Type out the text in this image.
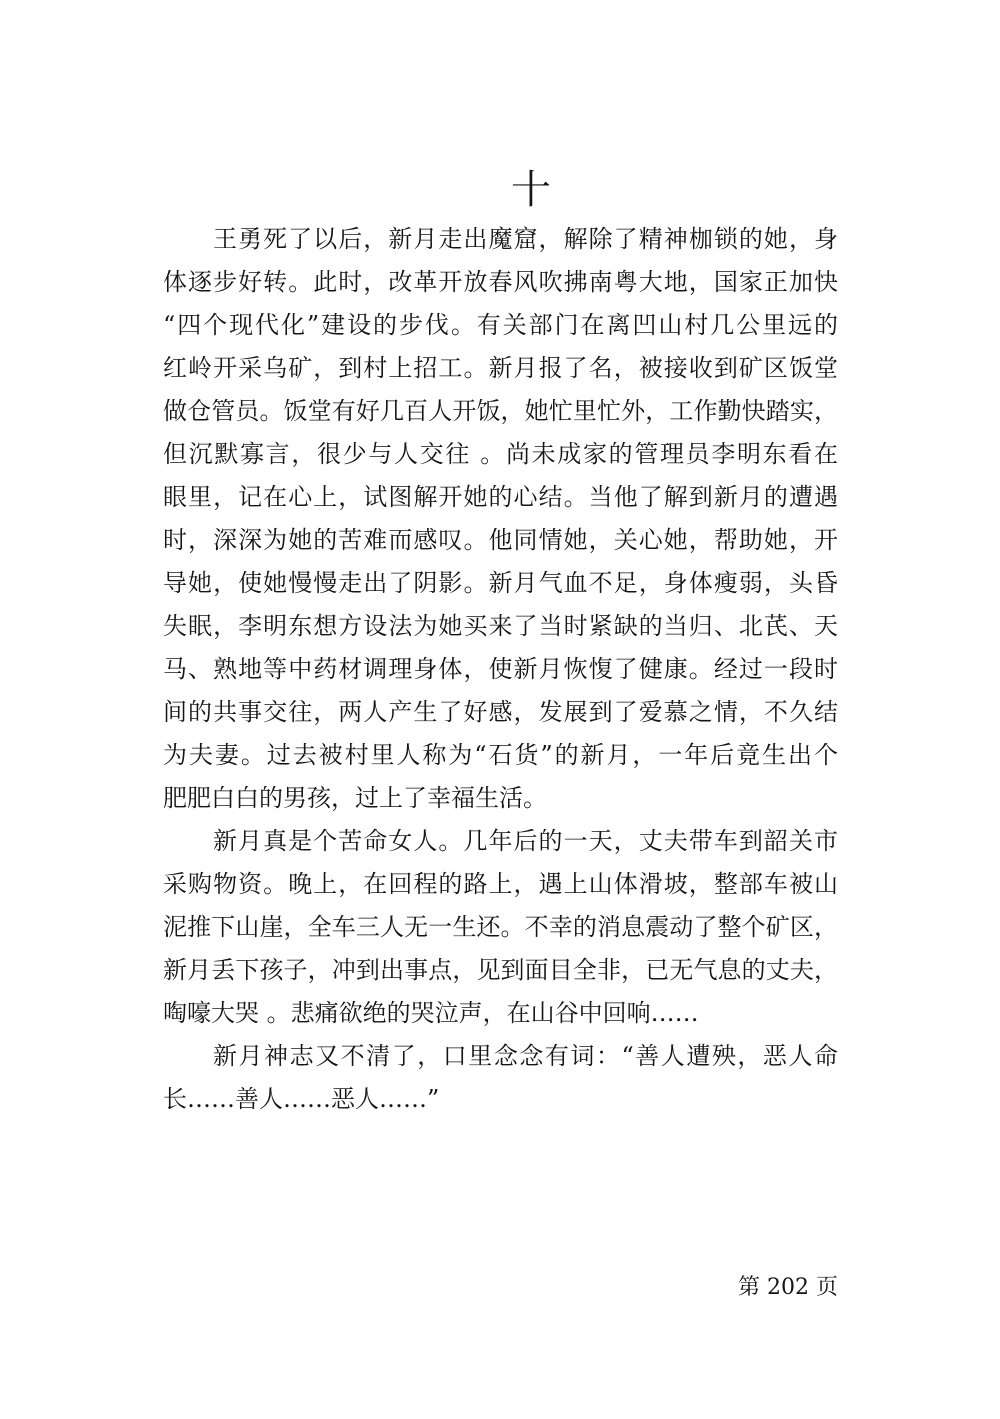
十
王勇死了以后，新月走出魔窟，解除了精神枷锁的她，身
体逐步好转。此时，改革开放春风吹拂南粤大地，国家正加快
“四个现代化”建设的步伐。有关部门在离凹山村几公里远的
红岭开采乌矿，到村上招工。新月报了名，被接收到矿区饭堂
做仓管员。饭堂有好几百人开饭，她忙里忙外，工作勤快踏实，
但沉默寡言，很少与人交往 。尚未成家的管理员李明东看在
眼里，记在心上，试图解开她的心结。当他了解到新月的遭遇
时，深深为她的苦难而感叹。他同情她，关心她，帮助她，开
导她，使她慢慢走出了阴影。新月气血不足，身体瘦弱，头昏
失眠，李明东想方设法为她买来了当时紧缺的当归、北芪、天
马、熟地等中药材调理身体，使新月恢愎了健康。经过一段时
间的共事交往，两人产生了好感，发展到了爱慕之情，不久结
为夫妻。过去被村里人称为“石货”的新月，一年后竟生出个
肥肥白白的男孩，过上了幸福生活。
新月真是个苦命女人。几年后的一天，丈夫带车到韶关市
采购物资。晚上，在回程的路上，遇上山体滑坡，整部车被山
泥推下山崖，全车三人无一生还。不幸的消息震动了整个矿区，
新月丢下孩子，冲到出事点，见到面目全非，已无气息的丈夫，
啕嚎大哭 。悲痛欲绝的哭泣声，在山谷中回响……
新月神志又不清了，口里念念有词：“善人遭殃，恶人命
长……善人……恶人……”
第 202 页
